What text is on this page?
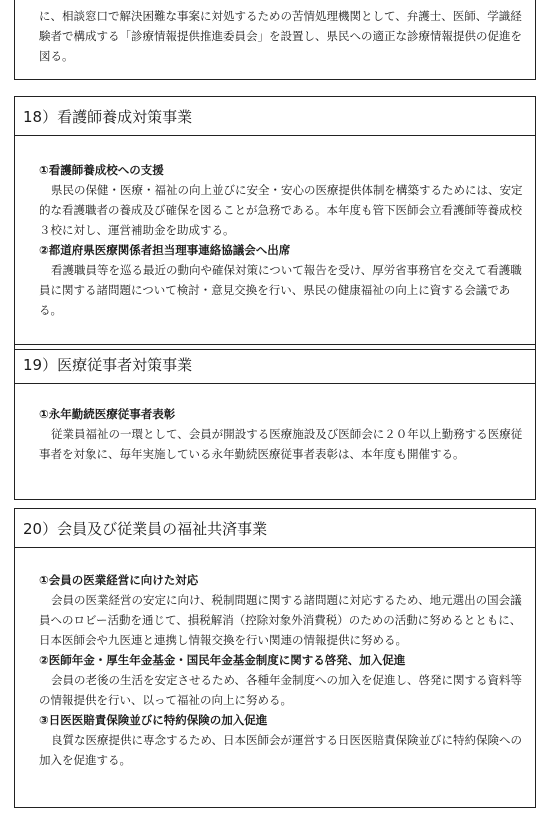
に、相談窓口で解決困難な事案に対処するための苦情処理機関として、弁護士、医師、学識経験者で構成する「診療情報提供推進委員会」を設置し、県民への適正な診療情報提供の促進を図る。

18）看護師養成対策事業

①看護師養成校への支援

県民の保健・医療・福祉の向上並びに安全・安心の医療提供体制を構築するためには、安定的な看護職者の養成及び確保を図ることが急務である。本年度も管下医師会立看護師等養成校３校に対し、運営補助金を助成する。

②都道府県医療関係者担当理事連絡協議会へ出席

看護職員等を巡る最近の動向や確保対策について報告を受け、厚労省事務官を交えて看護職員に関する諸問題について検討・意見交換を行い、県民の健康福祉の向上に資する会議である。

19）医療従事者対策事業

①永年勤続医療従事者表彰

従業員福祉の一環として、会員が開設する医療施設及び医師会に２０年以上勤務する医療従事者を対象に、毎年実施している永年勤続医療従事者表彰は、本年度も開催する。

20）会員及び従業員の福祉共済事業

①会員の医業経営に向けた対応

会員の医業経営の安定に向け、税制問題に関する諸問題に対応するため、地元選出の国会議員へのロビー活動を通じて、損税解消（控除対象外消費税）のための活動に努めるとともに、日本医師会や九医連と連携し情報交換を行い関連の情報提供に努める。

②医師年金・厚生年金基金・国民年金基金制度に関する啓発、加入促進

会員の老後の生活を安定させるため、各種年金制度への加入を促進し、啓発に関する資料等の情報提供を行い、以って福祉の向上に努める。

③日医医賠責保険並びに特約保険の加入促進

良質な医療提供に専念するため、日本医師会が運営する日医医賠責保険並びに特約保険への加入を促進する。
